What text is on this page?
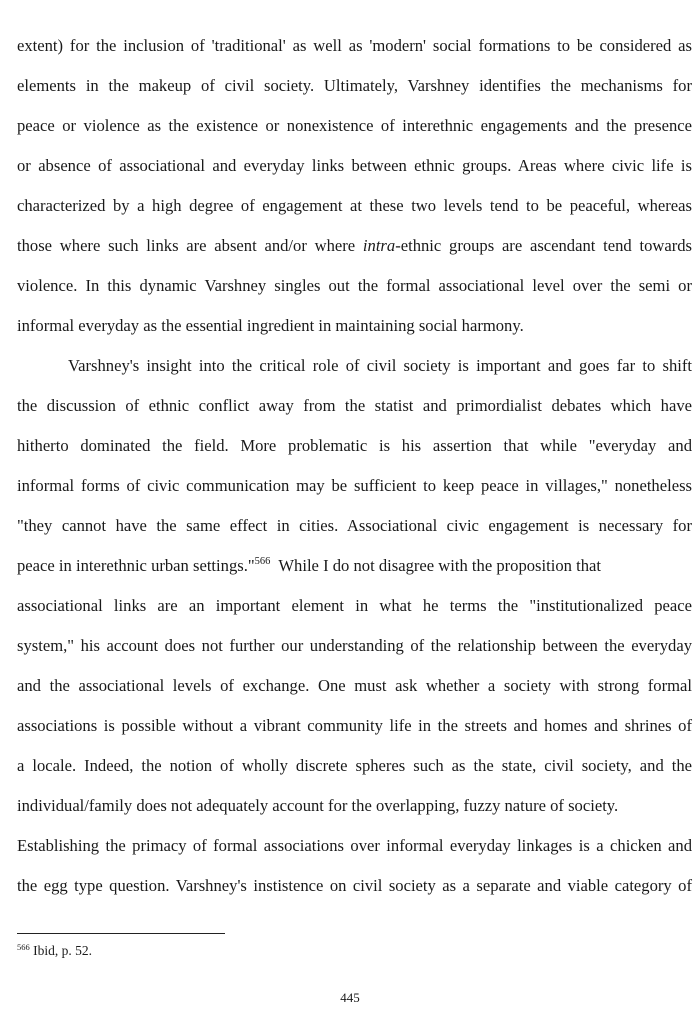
extent) for the inclusion of 'traditional' as well as 'modern' social formations to be considered as
elements in the makeup of civil society. Ultimately, Varshney identifies the mechanisms for
peace or violence as the existence or nonexistence of interethnic engagements and the presence
or absence of associational and everyday links between ethnic groups. Areas where civic life is
characterized by a high degree of engagement at these two levels tend to be peaceful, whereas
those where such links are absent and/or where intra-ethnic groups are ascendant tend towards
violence. In this dynamic Varshney singles out the formal associational level over the semi or
informal everyday as the essential ingredient in maintaining social harmony.
Varshney's insight into the critical role of civil society is important and goes far to shift
the discussion of ethnic conflict away from the statist and primordialist debates which have
hitherto dominated the field. More problematic is his assertion that while "everyday and
informal forms of civic communication may be sufficient to keep peace in villages," nonetheless
"they cannot have the same effect in cities. Associational civic engagement is necessary for
peace in interethnic urban settings."$^{566}$  While I do not disagree with the proposition that
associational links are an important element in what he terms the "institutionalized peace
system," his account does not further our understanding of the relationship between the everyday
and the associational levels of exchange. One must ask whether a society with strong formal
associations is possible without a vibrant community life in the streets and homes and shrines of
a locale. Indeed, the notion of wholly discrete spheres such as the state, civil society, and the
individual/family does not adequately account for the overlapping, fuzzy nature of society.
Establishing the primacy of formal associations over informal everyday linkages is a chicken and
the egg type question. Varshney's instistence on civil society as a separate and viable category of
$^{566}$ Ibid, p. 52.
445
